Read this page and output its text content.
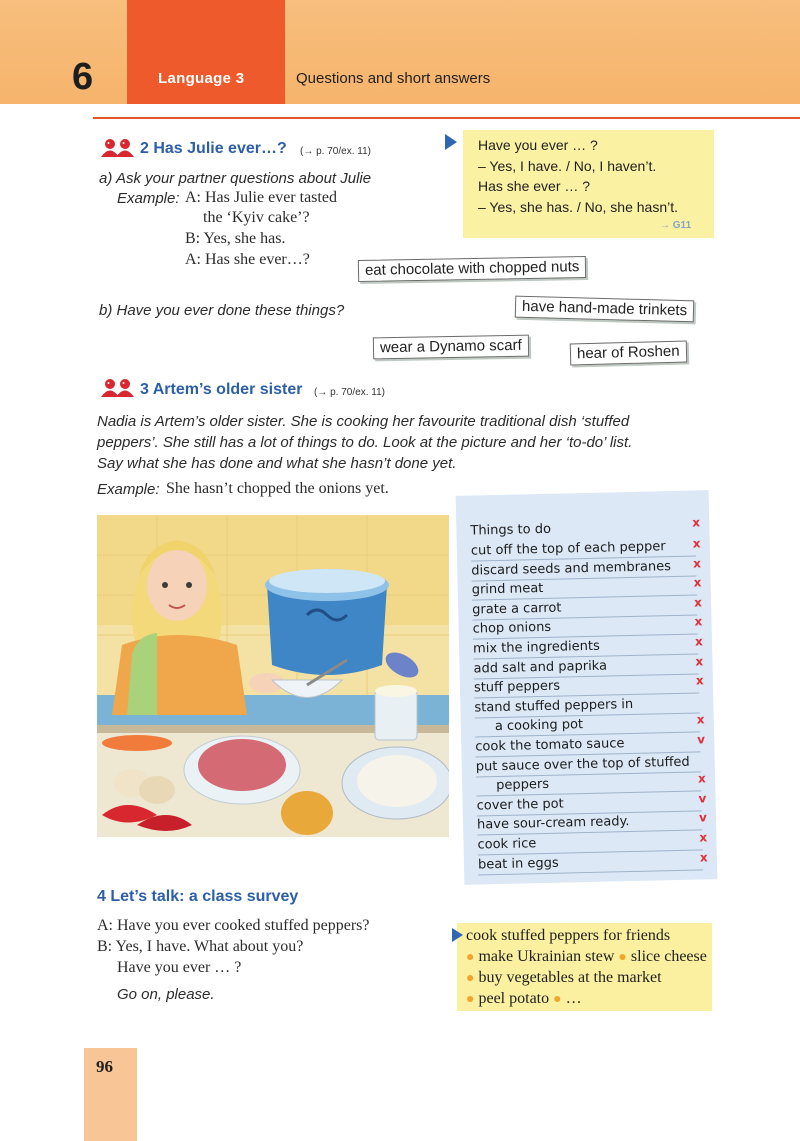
6	Language 3	Questions and short answers
2 Has Julie ever…? (→ p. 70/ex. 11)
a) Ask your partner questions about Julie
Example: A: Has Julie ever tasted
the ‘Kyiv cake’?
B: Yes, she has.
A: Has she ever…?
b) Have you ever done these things?
eat chocolate with chopped nuts
have hand-made trinkets
wear a Dynamo scarf	hear of Roshen
Have you ever … ?
– Yes, I have. / No, I haven’t.
Has she ever … ?
– Yes, she has. / No, she hasn’t.
→ G11
3 Artem’s older sister (→ p. 70/ex. 11)
Nadia is Artem’s older sister. She is cooking her favourite traditional dish ‘stuffed
peppers’. She still has a lot of things to do. Look at the picture and her ‘to-do’ list.
Say what she has done and what she hasn’t done yet.
Example: She hasn’t chopped the onions yet.
Things to do	x
cut off the top of each pepper x
discard seeds and membranes x
grind meat	x
grate a carrot	x
chop onions	x
mix the ingredients	x
add salt and paprika	x
stuff peppers	x
stand stuffed peppers in
a cooking pot	x
cook the tomato sauce	v
put sauce over the top of stuffed
peppers	x
cover the pot	v
have sour-cream ready.	v
cook rice	x
beat in eggs	x
4 Let’s talk: a class survey
A: Have you ever cooked stuffed peppers?
B: Yes, I have. What about you?
Have you ever … ?
Go on, please.
cook stuffed peppers for friends
● make Ukrainian stew ● slice cheese
● buy vegetables at the market
● peel potato ● …
96
